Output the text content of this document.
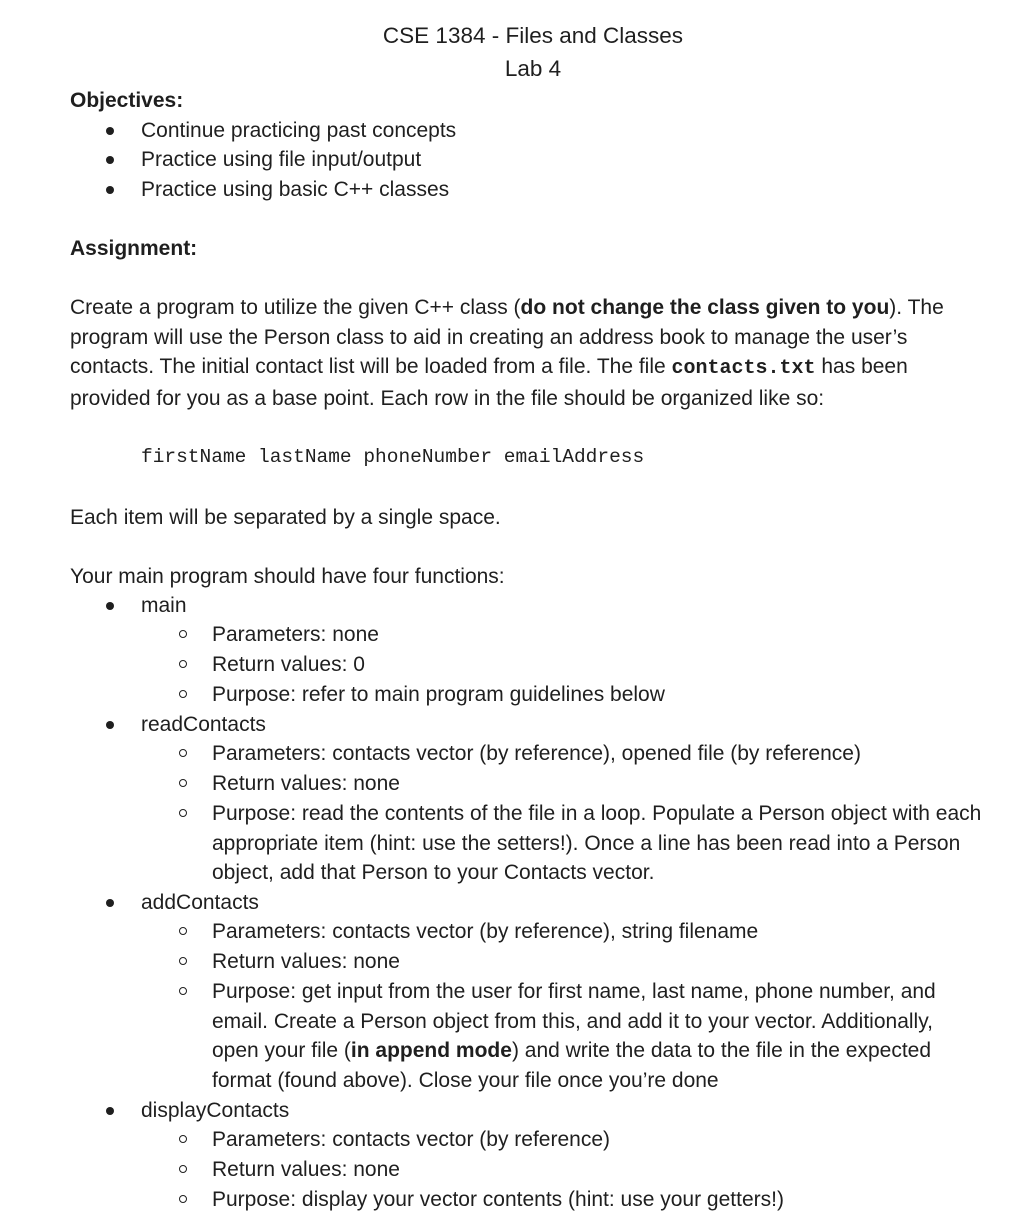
CSE 1384 - Files and Classes
Lab 4
Objectives:
Continue practicing past concepts
Practice using file input/output
Practice using basic C++ classes
Assignment:
Create a program to utilize the given C++ class (do not change the class given to you). The program will use the Person class to aid in creating an address book to manage the user’s contacts. The initial contact list will be loaded from a file. The file contacts.txt has been provided for you as a base point. Each row in the file should be organized like so:
firstName lastName phoneNumber emailAddress
Each item will be separated by a single space.
Your main program should have four functions:
main
Parameters: none
Return values: 0
Purpose: refer to main program guidelines below
readContacts
Parameters: contacts vector (by reference), opened file (by reference)
Return values: none
Purpose: read the contents of the file in a loop. Populate a Person object with each appropriate item (hint: use the setters!). Once a line has been read into a Person object, add that Person to your Contacts vector.
addContacts
Parameters: contacts vector (by reference), string filename
Return values: none
Purpose: get input from the user for first name, last name, phone number, and email. Create a Person object from this, and add it to your vector. Additionally, open your file (in append mode) and write the data to the file in the expected format (found above). Close your file once you’re done
displayContacts
Parameters: contacts vector (by reference)
Return values: none
Purpose: display your vector contents (hint: use your getters!)
